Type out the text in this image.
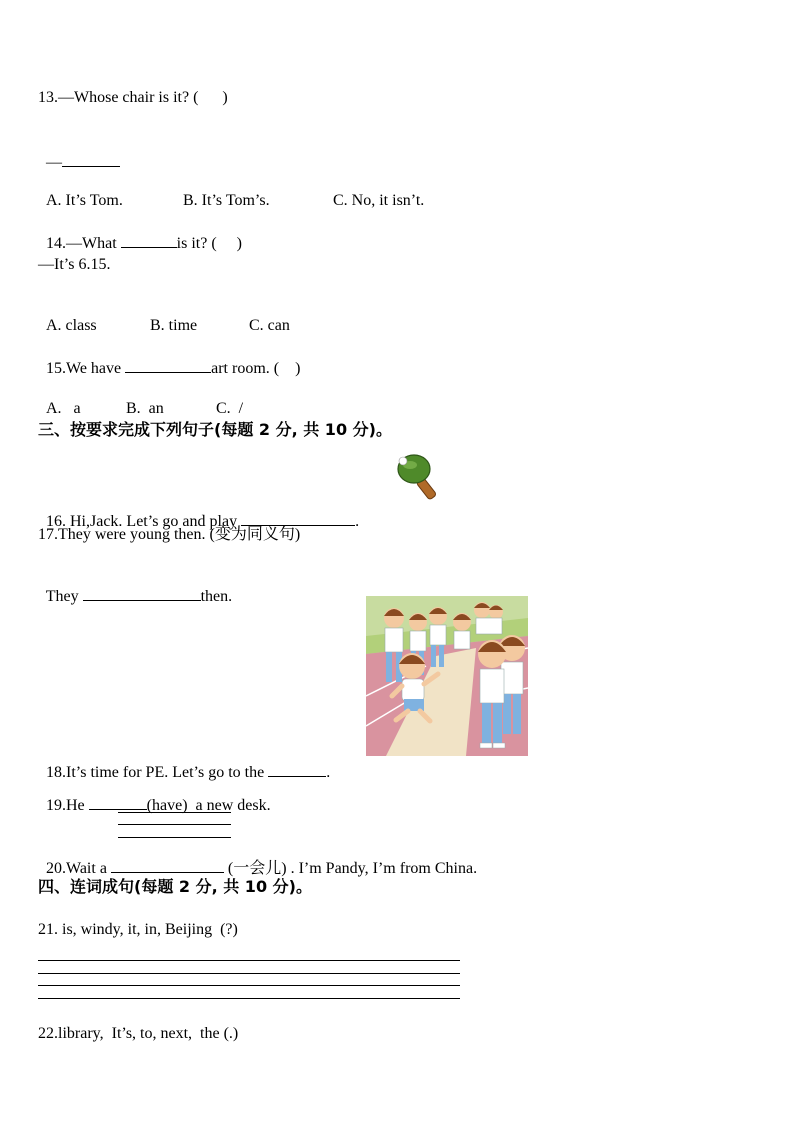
13.—Whose chair is it? (      )

—

A. It’s Tom.	B. It’s Tom’s.	C. No, it isn’t.

14.—What	is it? (     )

—It’s 6.15.

A. class	B. time	C. can

15.We have	art room. (    )

A.   a	B.  an	C.  /

三、按要求完成下列句子(每题 2 分, 共 10 分)。

16. Hi,Jack. Let’s go and play	.

17.They were young then. (变为同义句)

They	then.

18.It’s time for PE. Let’s go to the	.

19.He	(have)  a new desk.

20.Wait a	(一会儿) . I’m Pandy, I’m from China.

四、连词成句(每题 2 分, 共 10 分)。
21. is, windy, it, in, Beijing  (?)
22.library,  It’s, to, next,  the (.)
